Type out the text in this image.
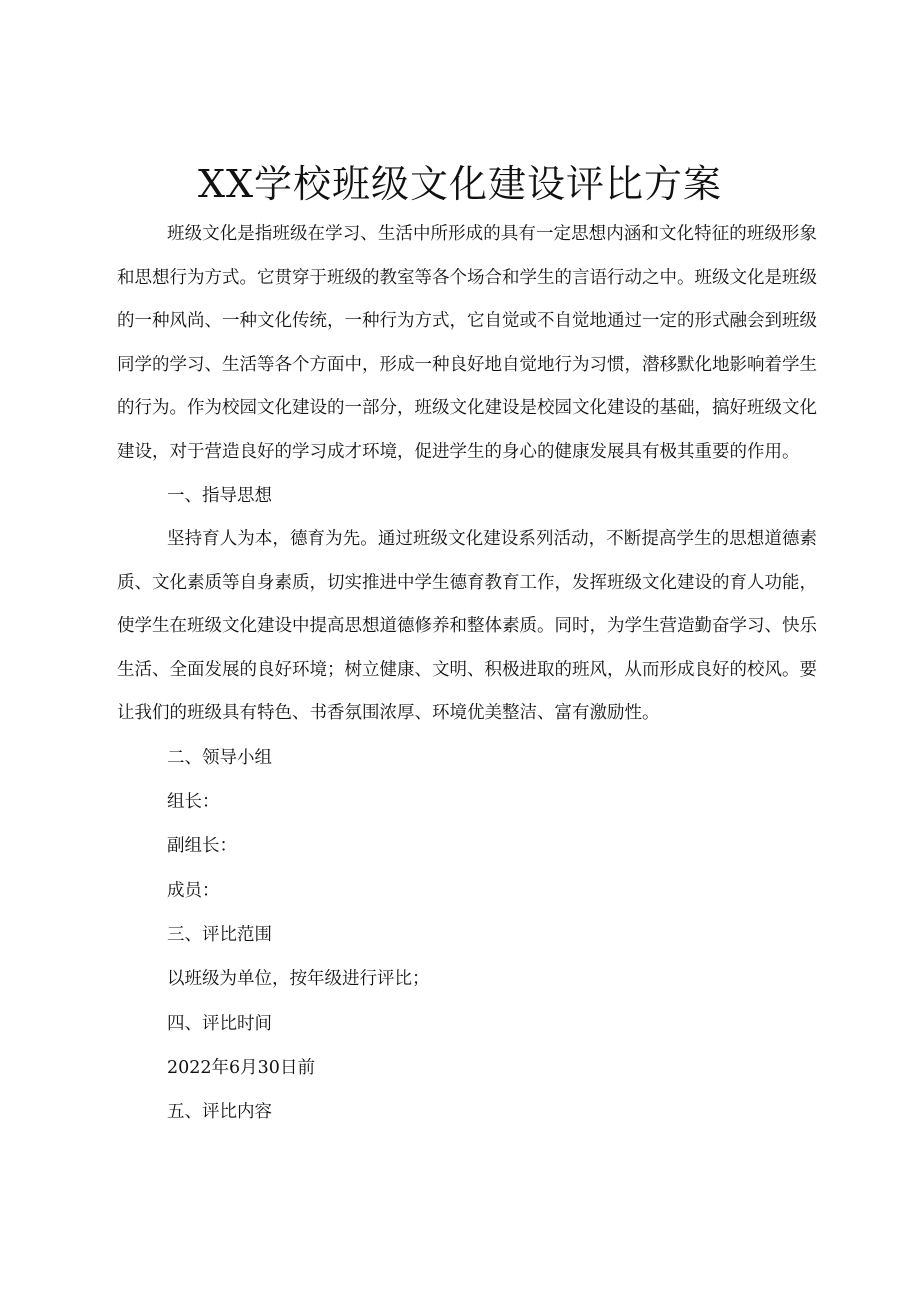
XX学校班级文化建设评比方案

班级文化是指班级在学习、生活中所形成的具有一定思想内涵和文化特征的班级形象和思想行为方式。它贯穿于班级的教室等各个场合和学生的言语行动之中。班级文化是班级的一种风尚、一种文化传统，一种行为方式，它自觉或不自觉地通过一定的形式融会到班级同学的学习、生活等各个方面中，形成一种良好地自觉地行为习惯，潜移默化地影响着学生的行为。作为校园文化建设的一部分，班级文化建设是校园文化建设的基础，搞好班级文化建设，对于营造良好的学习成才环境，促进学生的身心的健康发展具有极其重要的作用。

一、指导思想

坚持育人为本，德育为先。通过班级文化建设系列活动，不断提高学生的思想道德素质、文化素质等自身素质，切实推进中学生德育教育工作，发挥班级文化建设的育人功能，使学生在班级文化建设中提高思想道德修养和整体素质。同时，为学生营造勤奋学习、快乐生活、全面发展的良好环境；树立健康、文明、积极进取的班风，从而形成良好的校风。要让我们的班级具有特色、书香氛围浓厚、环境优美整洁、富有激励性。

二、领导小组

组长：

副组长：

成员：

三、评比范围

以班级为单位，按年级进行评比；

四、评比时间

2022年6月30日前

五、评比内容
